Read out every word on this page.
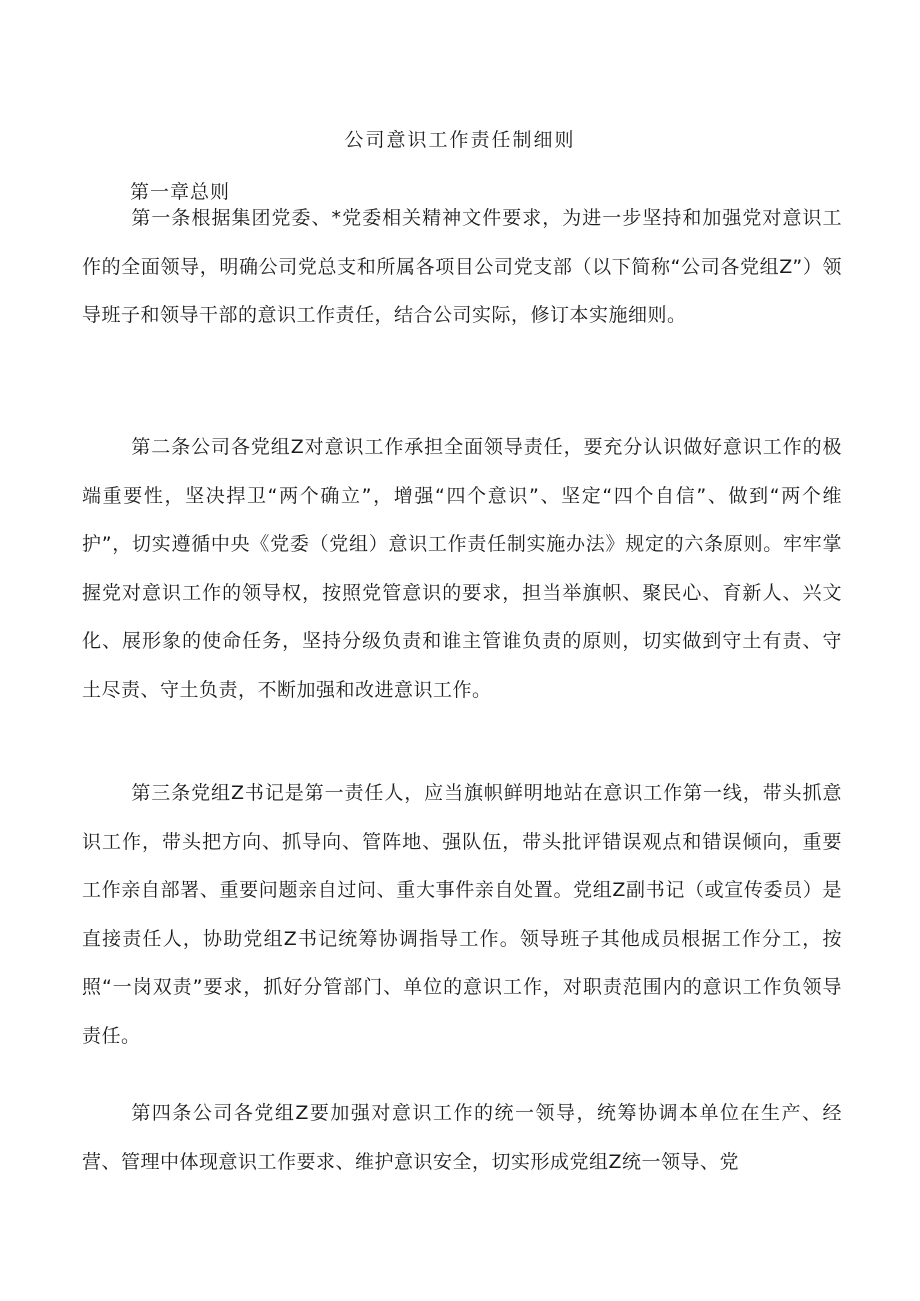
公司意识工作责任制细则
第一章总则

第一条根据集团党委、*党委相关精神文件要求，为进一步坚持和加强党对意识工作的全面领导，明确公司党总支和所属各项目公司党支部（以下简称“公司各党组Z”）领导班子和领导干部的意识工作责任，结合公司实际，修订本实施细则。

第二条公司各党组Z对意识工作承担全面领导责任，要充分认识做好意识工作的极端重要性，坚决捍卫“两个确立”，增强“四个意识”、坚定“四个自信”、做到“两个维护”，切实遵循中央《党委（党组）意识工作责任制实施办法》规定的六条原则。牢牢掌握党对意识工作的领导权，按照党管意识的要求，担当举旗帜、聚民心、育新人、兴文化、展形象的使命任务，坚持分级负责和谁主管谁负责的原则，切实做到守土有责、守土尽责、守土负责，不断加强和改进意识工作。

第三条党组Z书记是第一责任人，应当旗帜鲜明地站在意识工作第一线，带头抓意识工作，带头把方向、抓导向、管阵地、强队伍，带头批评错误观点和错误倾向，重要工作亲自部署、重要问题亲自过问、重大事件亲自处置。党组Z副书记（或宣传委员）是直接责任人，协助党组Z书记统筹协调指导工作。领导班子其他成员根据工作分工，按照“一岗双责”要求，抓好分管部门、单位的意识工作，对职责范围内的意识工作负领导责任。

第四条公司各党组Z要加强对意识工作的统一领导，统筹协调本单位在生产、经营、管理中体现意识工作要求、维护意识安全，切实形成党组Z统一领导、党
